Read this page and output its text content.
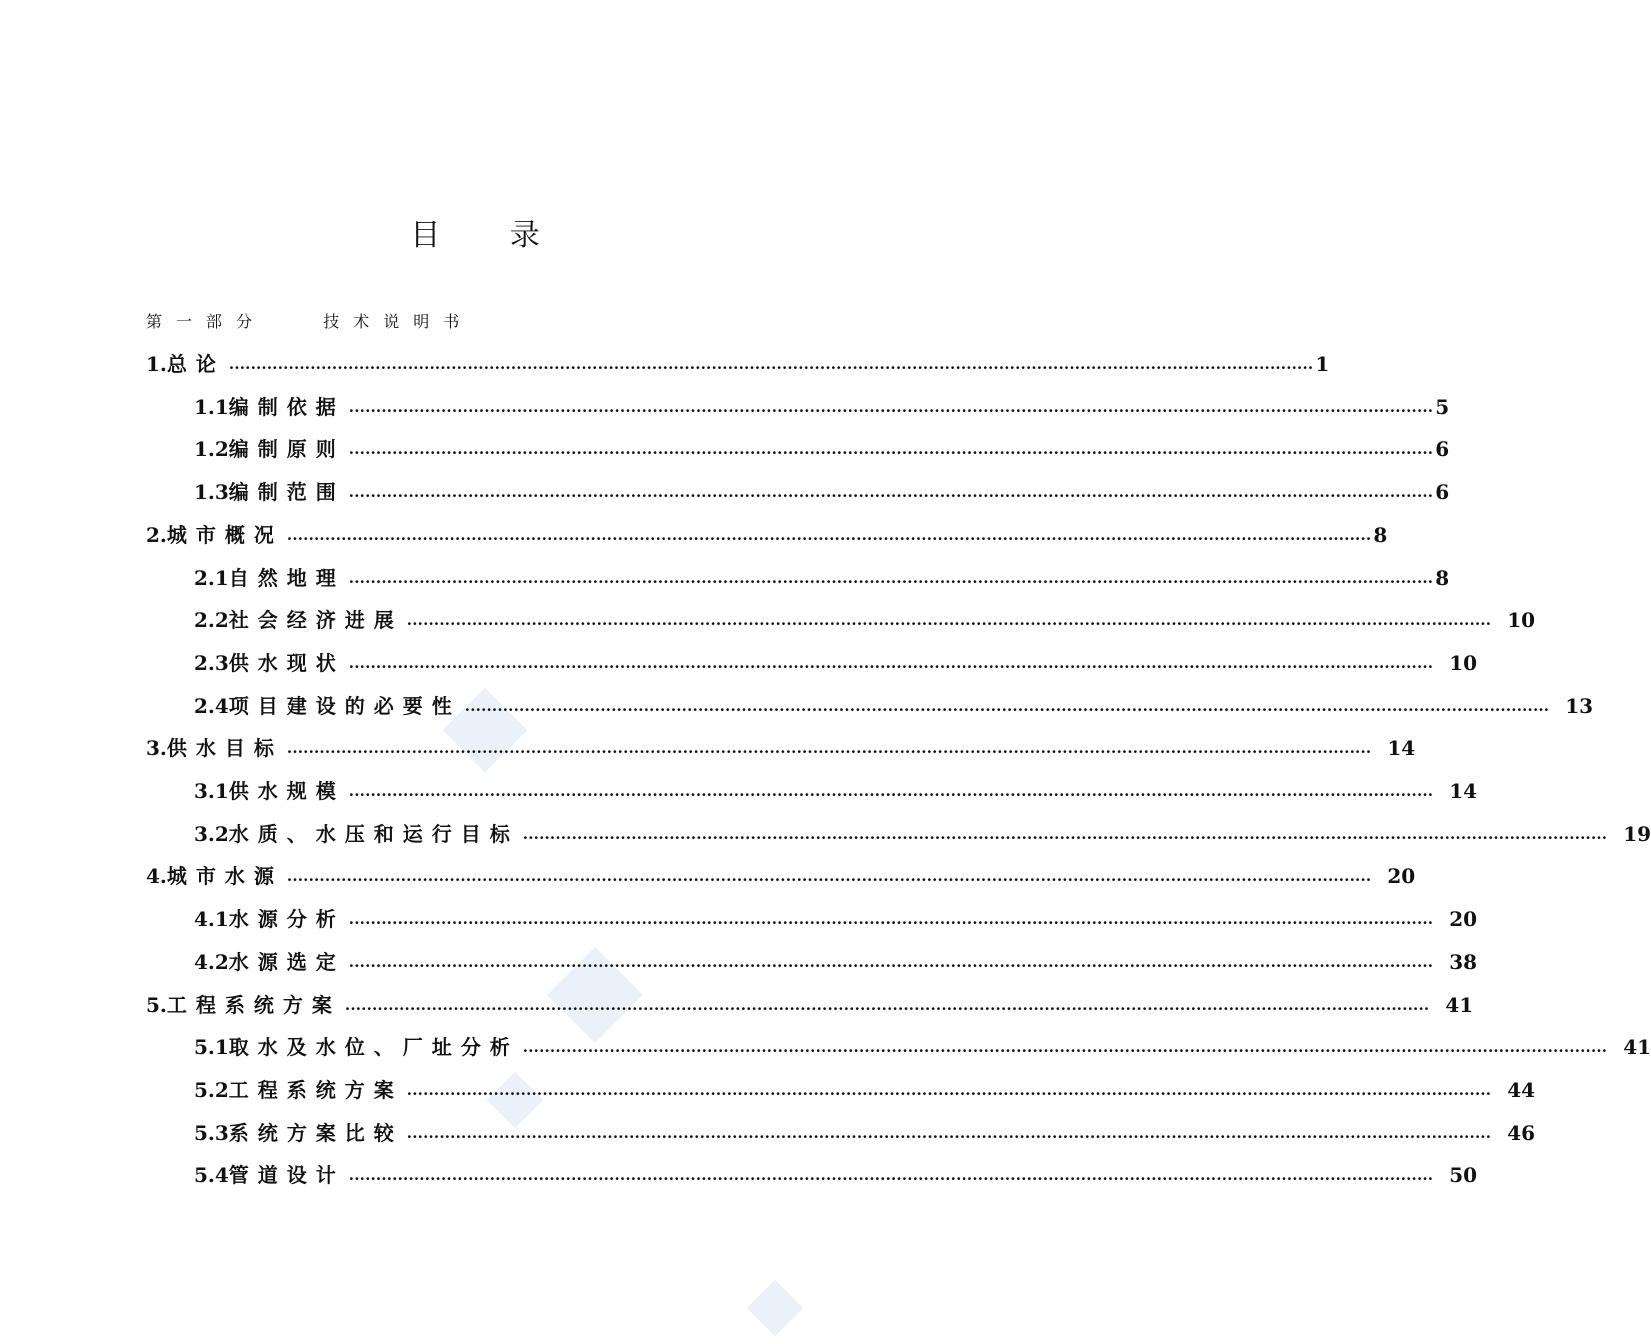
目 录
第一部分   技术说明书
1. 总论 ........................................................................................................................................................................................................ 1
1.1 编制依据 ........................................................................................................................................................................................................ 5
1.2 编制原则 ........................................................................................................................................................................................................ 6
1.3 编制范围 ........................................................................................................................................................................................................ 6
2. 城市概况 ........................................................................................................................................................................................................ 8
2.1 自然地理 ........................................................................................................................................................................................................ 8
2.2 社会经济进展 ........................................................................................................................................................................................................ 10
2.3 供水现状 ........................................................................................................................................................................................................ 10
2.4 项目建设的必要性 ........................................................................................................................................................................................................ 13
3. 供水目标 ........................................................................................................................................................................................................ 14
3.1 供水规模 ........................................................................................................................................................................................................ 14
3.2 水质、水压和运行目标 ........................................................................................................................................................................................................ 19
4. 城市水源 ........................................................................................................................................................................................................ 20
4.1 水源分析 ........................................................................................................................................................................................................ 20
4.2 水源选定 ........................................................................................................................................................................................................ 38
5. 工程系统方案 ........................................................................................................................................................................................................ 41
5.1 取水及水位、厂址分析 ........................................................................................................................................................................................................ 41
5.2 工程系统方案 ........................................................................................................................................................................................................ 44
5.3 系统方案比较 ........................................................................................................................................................................................................ 46
5.4 管道设计 ........................................................................................................................................................................................................ 50
